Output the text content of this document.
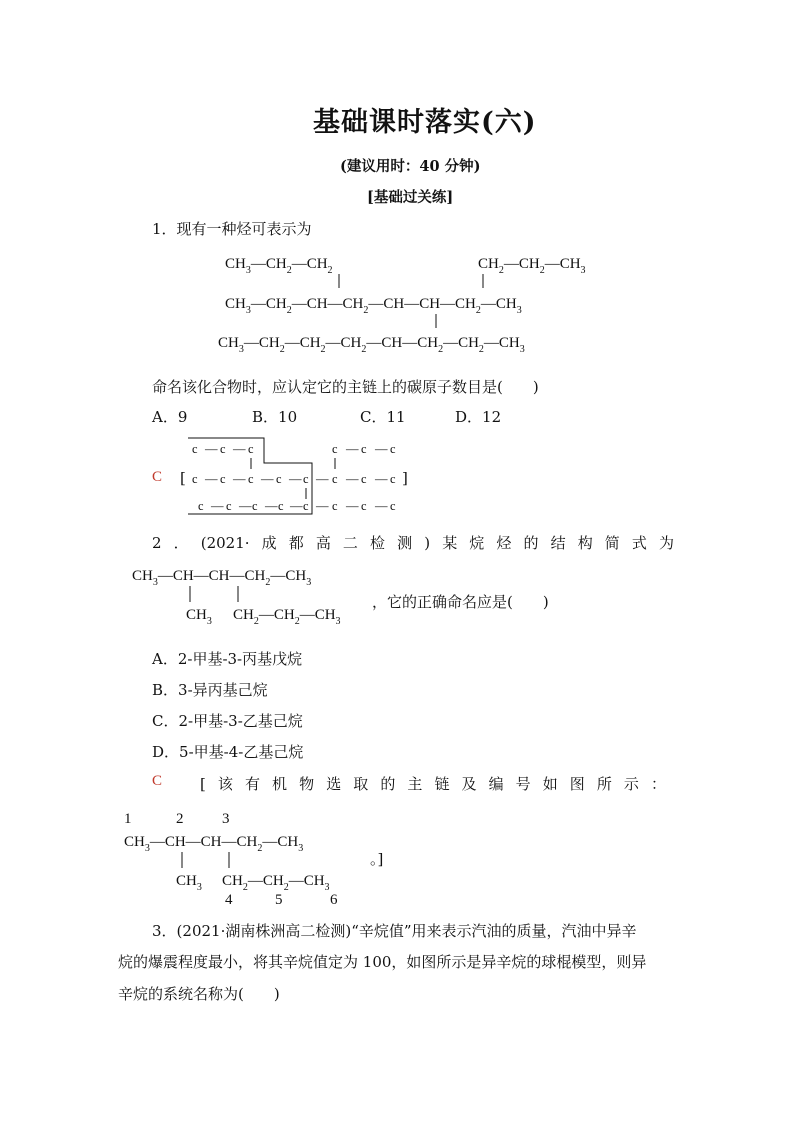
基础课时落实(六)
(建议用时：40 分钟)
[基础过关练]
1．现有一种烃可表示为
$CH_3—CH_2—CH_2$	$CH_2—CH_2—CH_3$
$CH_3—CH_2—CH—CH_2—CH—CH—CH_2—CH_3$
$CH_3—CH_2—CH_2—CH_2—CH—CH_2—CH_2—CH_3$
命名该化合物时，应认定它的主链上的碳原子数目是(　　)
A．9	B．10	C．11	D．12
C [	]
c — c — c	c — c — c
c — c — c — c — c — c — c — c
c — c — c — c — c — c — c — c
2．(2021·成都高二检测)某烷烃的结构简式为
$CH_3—CH—CH—CH_2—CH_3$
$CH_3$ $CH_2—CH_2—CH_3$
，它的正确命名应是(　　)
A．2-甲基-3-丙基戊烷
B．3-异丙基己烷
C．2-甲基-3-乙基己烷
D．5-甲基-4-乙基己烷
C	[该有机物选取的主链及编号如图所示：
1	2	3
$CH_3—CH—CH—CH_2—CH_3$
$CH_3$ $CH_2—CH_2—CH_3$
4	5	6
。]
3．(2021·湖南株洲高二检测)“辛烷值”用来表示汽油的质量，汽油中异辛
烷的爆震程度最小，将其辛烷值定为 100，如图所示是异辛烷的球棍模型，则异
辛烷的系统名称为(　　)
